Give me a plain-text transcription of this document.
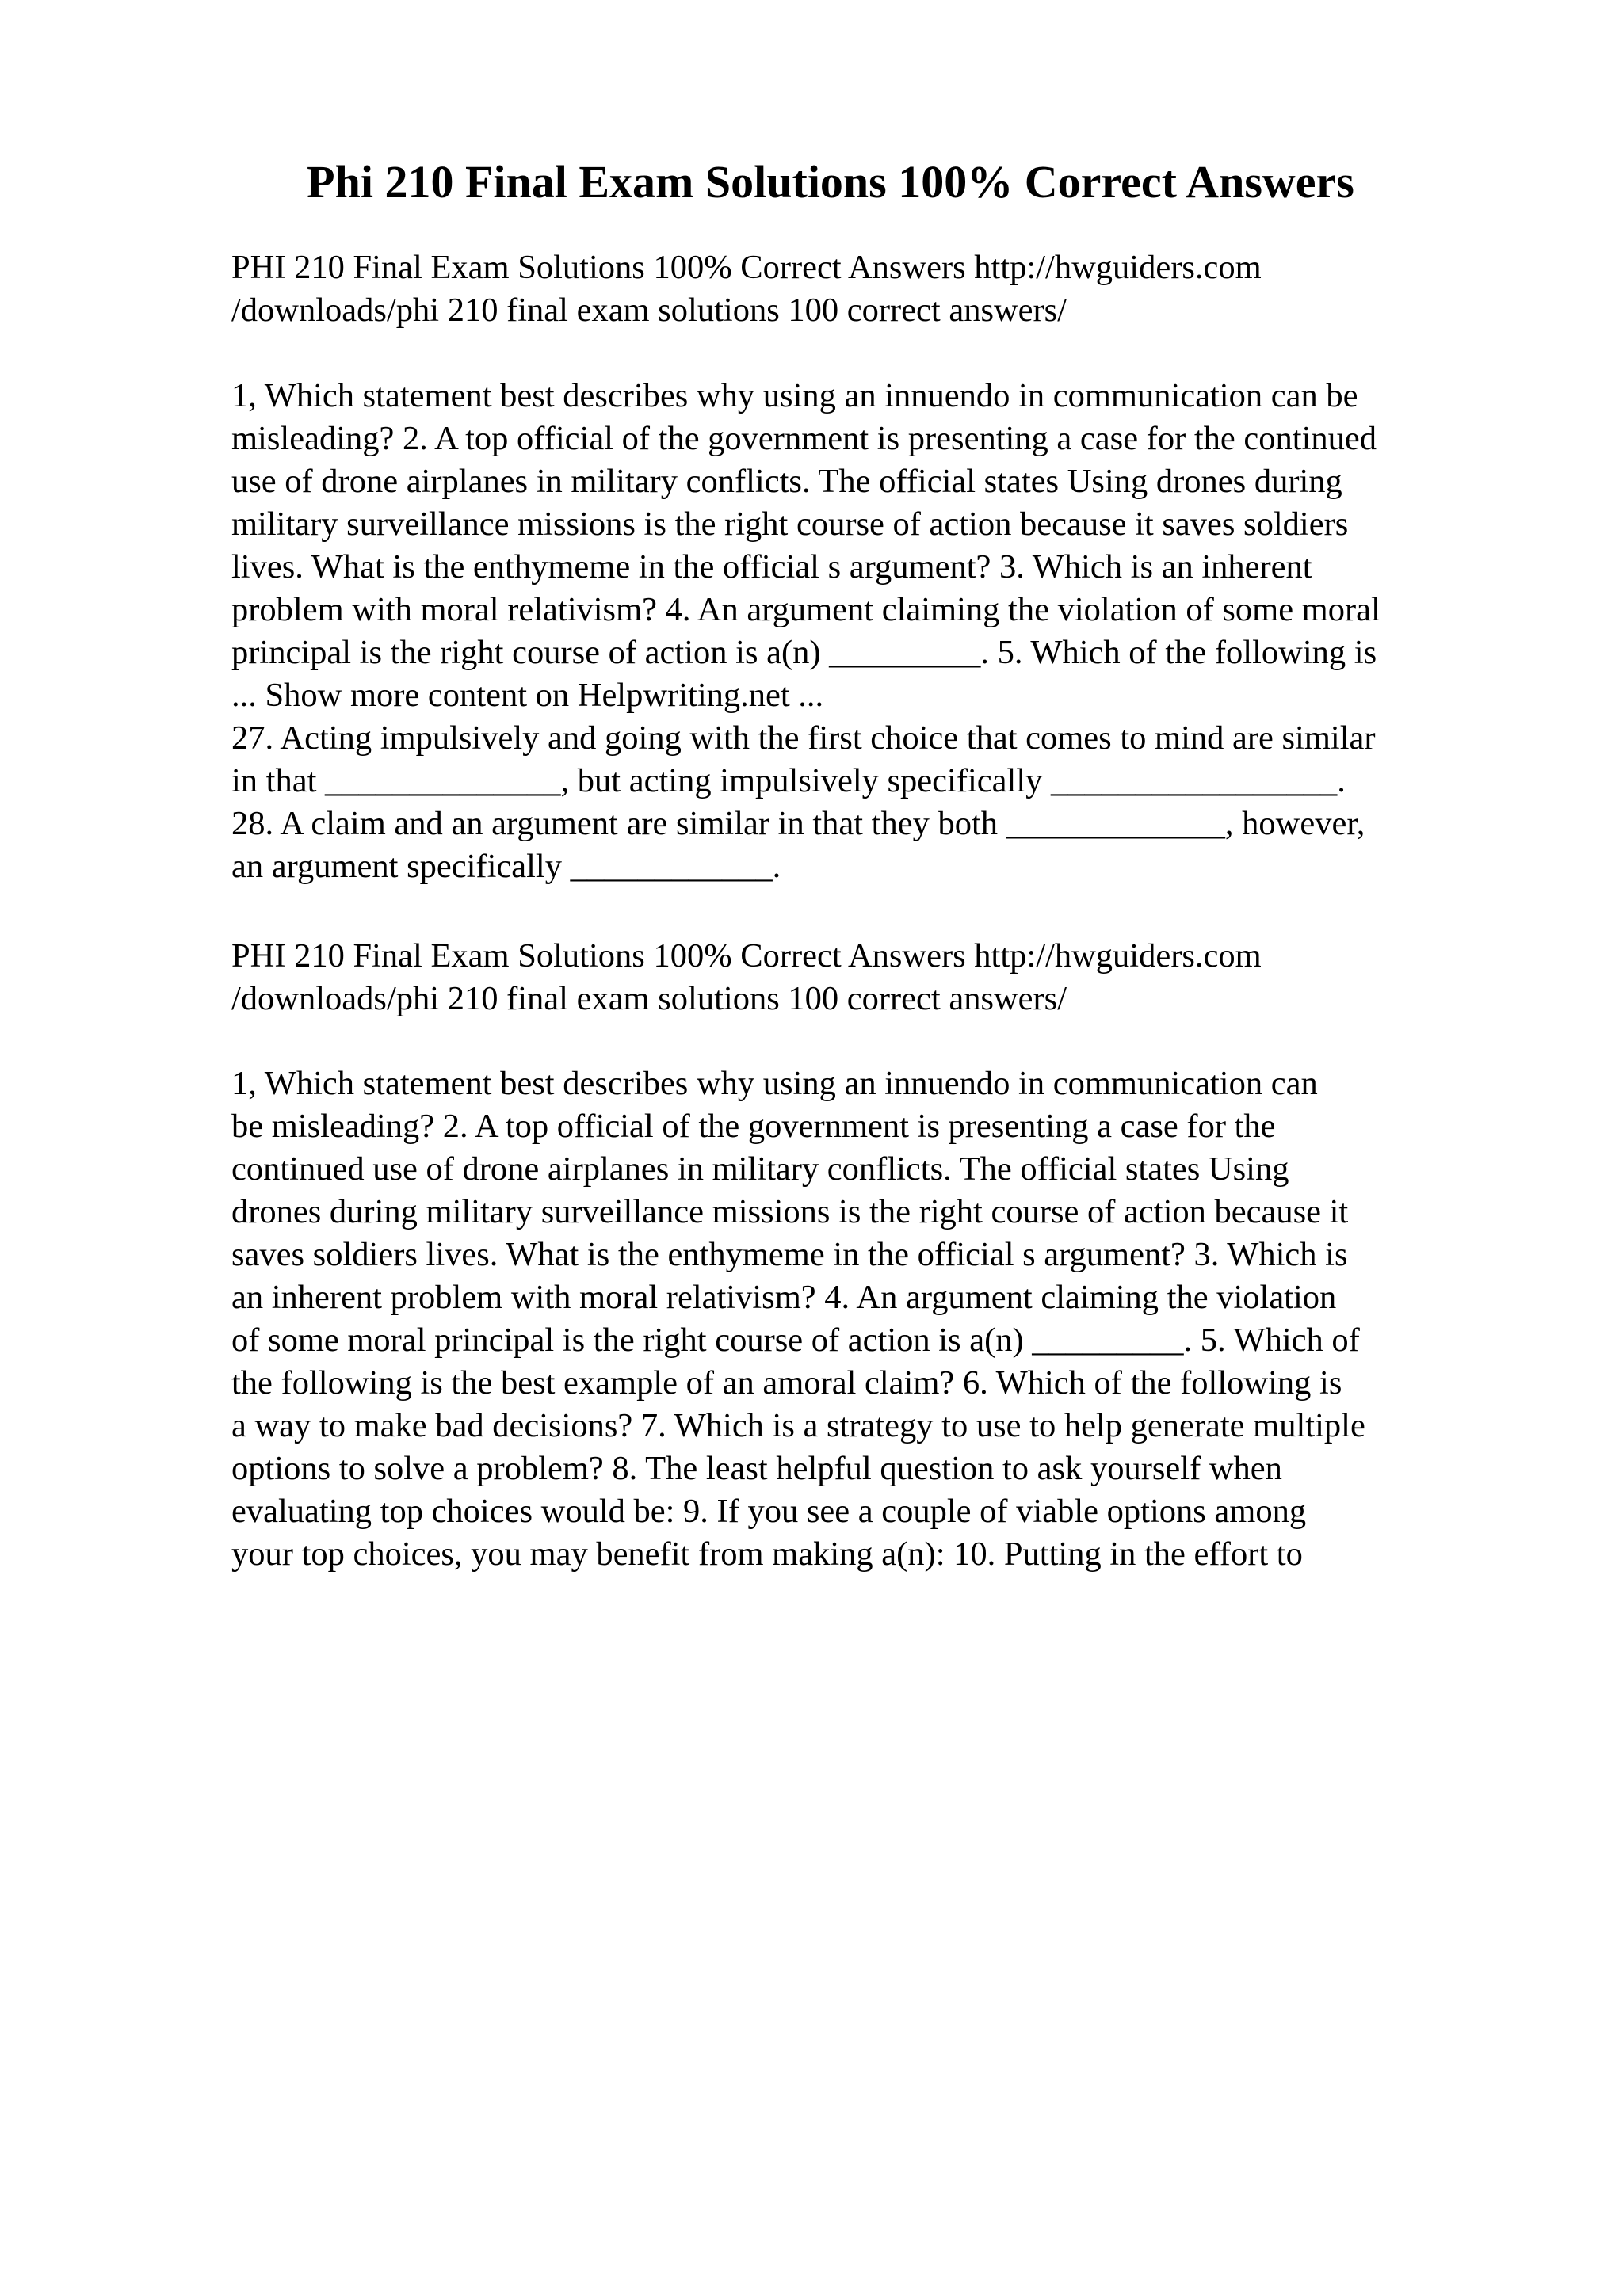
Phi 210 Final Exam Solutions 100% Correct Answers

PHI 210 Final Exam Solutions 100% Correct Answers http://hwguiders.com
/downloads/phi 210 final exam solutions 100 correct answers/

1, Which statement best describes why using an innuendo in communication can be
misleading? 2. A top official of the government is presenting a case for the continued
use of drone airplanes in military conflicts. The official states Using drones during
military surveillance missions is the right course of action because it saves soldiers
lives. What is the enthymeme in the official s argument? 3. Which is an inherent
problem with moral relativism? 4. An argument claiming the violation of some moral
principal is the right course of action is a(n) _________. 5. Which of the following is
... Show more content on Helpwriting.net ...
27. Acting impulsively and going with the first choice that comes to mind are similar
in that ______________, but acting impulsively specifically _________________.
28. A claim and an argument are similar in that they both _____________, however,
an argument specifically ____________.

PHI 210 Final Exam Solutions 100% Correct Answers http://hwguiders.com
/downloads/phi 210 final exam solutions 100 correct answers/

1, Which statement best describes why using an innuendo in communication can
be misleading? 2. A top official of the government is presenting a case for the
continued use of drone airplanes in military conflicts. The official states Using
drones during military surveillance missions is the right course of action because it
saves soldiers lives. What is the enthymeme in the official s argument? 3. Which is
an inherent problem with moral relativism? 4. An argument claiming the violation
of some moral principal is the right course of action is a(n) _________. 5. Which of
the following is the best example of an amoral claim? 6. Which of the following is
a way to make bad decisions? 7. Which is a strategy to use to help generate multiple
options to solve a problem? 8. The least helpful question to ask yourself when
evaluating top choices would be: 9. If you see a couple of viable options among
your top choices, you may benefit from making a(n): 10. Putting in the effort to
